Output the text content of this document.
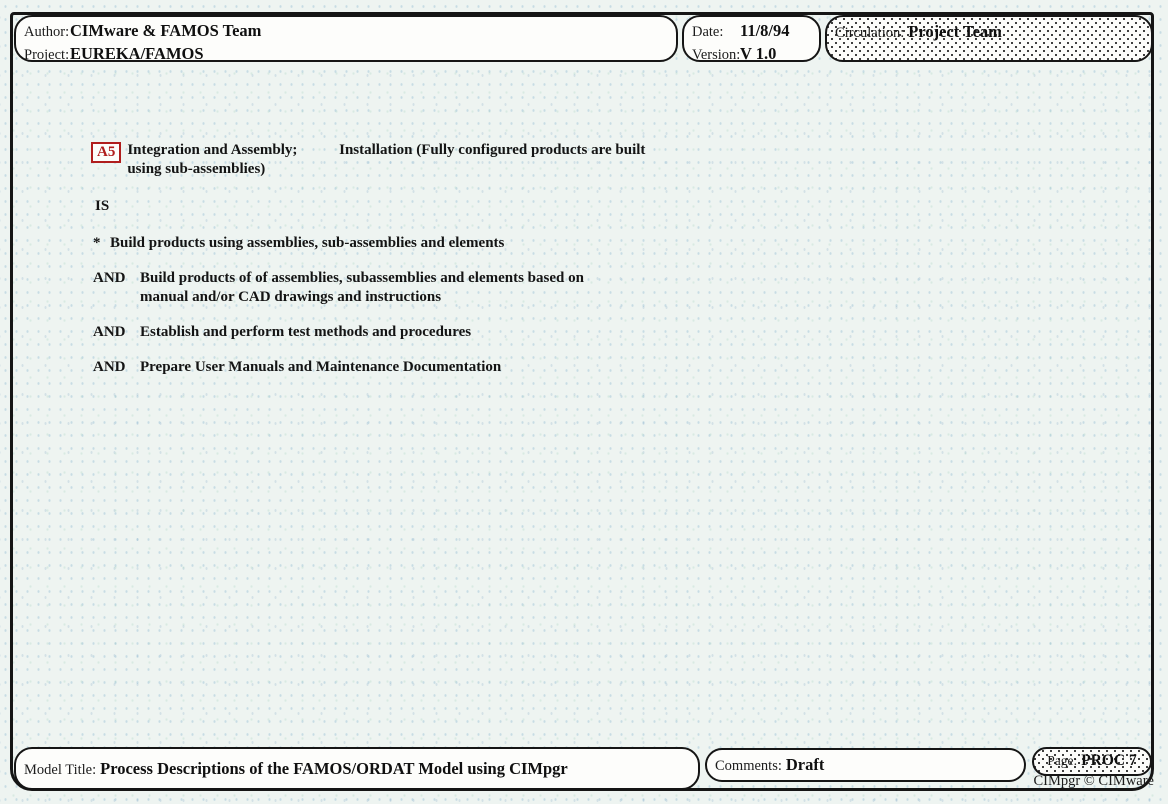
Author:CIMware & FAMOS Team
Project:EUREKA/FAMOS
Date: 11/8/94
Version:V 1.0
Circulation: Project Team
A5 Integration and Assembly;	Installation (Fully configured products are built using sub-assemblies)
IS
* Build products using assemblies, sub-assemblies and elements
AND Build products of of assemblies, subassemblies and elements based on
manual and/or CAD drawings and instructions
AND Establish and perform test methods and procedures
AND Prepare User Manuals and Maintenance Documentation
Model Title: Process Descriptions of the FAMOS/ORDAT Model using CIMpgr	Comments: Draft	Page: PROC 7
CIMpgr © CIMware
